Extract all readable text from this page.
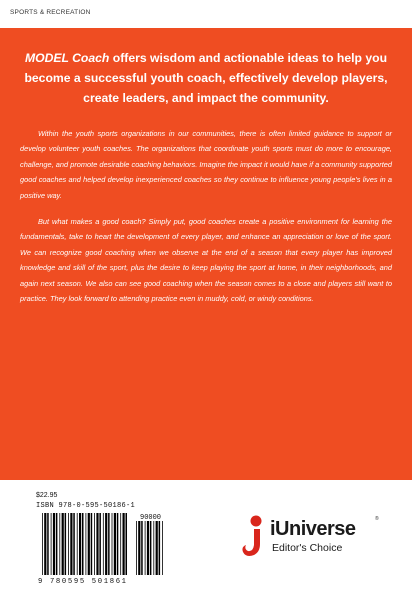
SPORTS & RECREATION
MODEL Coach offers wisdom and actionable ideas to help you become a successful youth coach, effectively develop players, create leaders, and impact the community.

Within the youth sports organizations in our communities, there is often limited guidance to support or develop volunteer youth coaches. The organizations that coordinate youth sports must do more to encourage, challenge, and promote desirable coaching behaviors. Imagine the impact it would have if a community supported good coaches and helped develop inexperienced coaches so they continue to influence young people's lives in a positive way.

But what makes a good coach? Simply put, good coaches create a positive environment for learning the fundamentals, take to heart the development of every player, and enhance an appreciation or love of the sport. We can recognize good coaching when we observe at the end of a season that every player has improved knowledge and skill of the sport, plus the desire to keep playing the sport at home, in their neighborhoods, and again next season. We also can see good coaching when the season comes to a close and players still want to practice. They look forward to attending practice even in muddy, cold, or windy conditions.

$22.95
ISBN 978-0-595-50186-1
90000
9 780595 501861
iUniverse	®
Editor's Choice
